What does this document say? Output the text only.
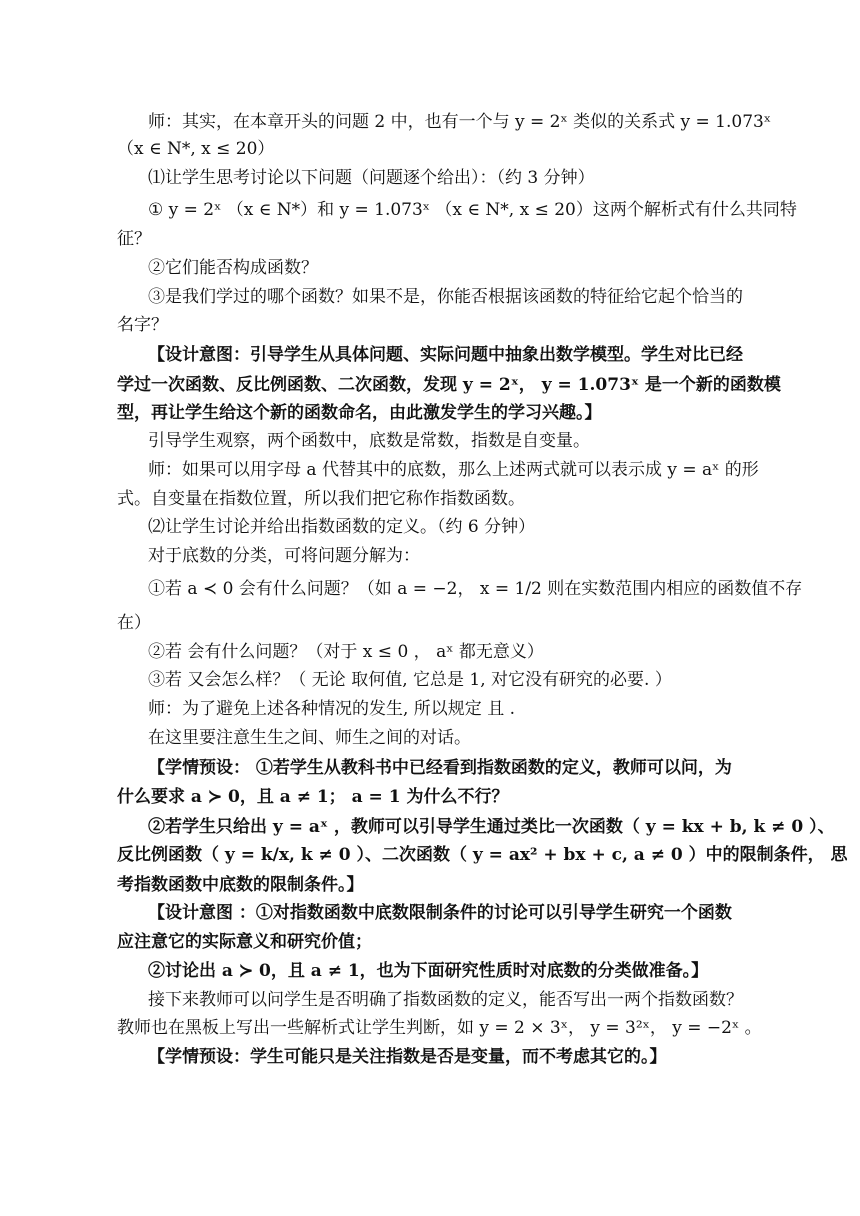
师：其实，在本章开头的问题 2 中，也有一个与 y = 2ˣ 类似的关系式 y = 1.073ˣ
（x ∈ N*, x ≤ 20）
⑴让学生思考讨论以下问题（问题逐个给出）：（约 3 分钟）
① y = 2ˣ （x ∈ N*）和 y = 1.073ˣ （x ∈ N*, x ≤ 20）这两个解析式有什么共同特
征？
②它们能否构成函数？
③是我们学过的哪个函数？如果不是，你能否根据该函数的特征给它起个恰当的
名字？
【设计意图：引导学生从具体问题、实际问题中抽象出数学模型。学生对比已经
学过一次函数、反比例函数、二次函数，发现 y = 2ˣ， y = 1.073ˣ 是一个新的函数模
型，再让学生给这个新的函数命名，由此激发学生的学习兴趣。】
引导学生观察，两个函数中，底数是常数，指数是自变量。
师：如果可以用字母 a 代替其中的底数，那么上述两式就可以表示成 y = aˣ 的形
式。自变量在指数位置，所以我们把它称作指数函数。
⑵让学生讨论并给出指数函数的定义。（约 6 分钟）
对于底数的分类，可将问题分解为：
①若 a ≺ 0 会有什么问题？（如 a = −2， x = 1/2 则在实数范围内相应的函数值不存
在）
②若 会有什么问题？（对于 x ≤ 0 ， aˣ 都无意义）
③若 又会怎么样？（ 无论 取何值, 它总是 1, 对它没有研究的必要. ）
师：为了避免上述各种情况的发生, 所以规定 且 .
在这里要注意生生之间、师生之间的对话。
【学情预设： ①若学生从教科书中已经看到指数函数的定义，教师可以问，为
什么要求 a ≻ 0，且 a ≠ 1； a = 1 为什么不行？
②若学生只给出 y = aˣ ，教师可以引导学生通过类比一次函数（ y = kx + b, k ≠ 0 ）、
反比例函数（ y = k/x, k ≠ 0 ）、二次函数（ y = ax² + bx + c, a ≠ 0 ）中的限制条件， 思
考指数函数中底数的限制条件。】
【设计意图 ：①对指数函数中底数限制条件的讨论可以引导学生研究一个函数
应注意它的实际意义和研究价值；
②讨论出 a ≻ 0，且 a ≠ 1，也为下面研究性质时对底数的分类做准备。】
接下来教师可以问学生是否明确了指数函数的定义，能否写出一两个指数函数？
教师也在黑板上写出一些解析式让学生判断，如 y = 2 × 3ˣ， y = 3²ˣ， y = −2ˣ 。
【学情预设：学生可能只是关注指数是否是变量，而不考虑其它的。】
